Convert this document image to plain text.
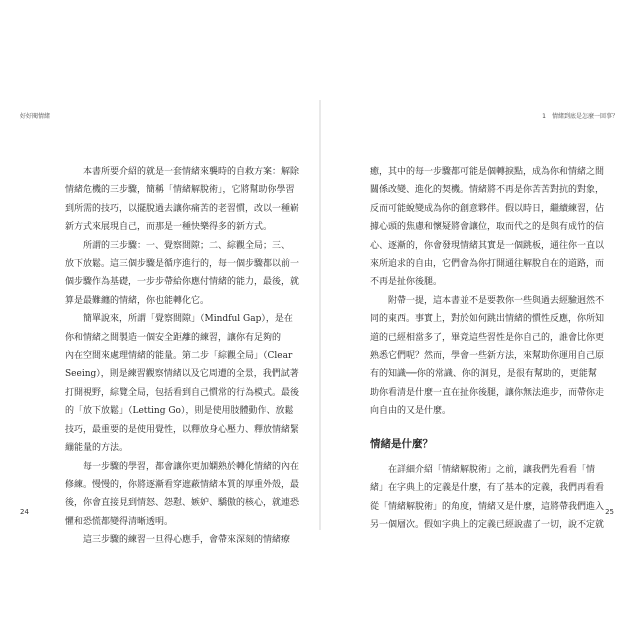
好好閱情緒	1　情緒到底是怎麼一回事？

本書所要介紹的就是一套情緒來襲時的自救方案：解除

情緒危機的三步驟，簡稱「情緒解脫術」，它將幫助你學習

到所需的技巧，以擺脫過去讓你痛苦的老習慣，改以一種嶄

新方式來展現自己，而那是一種快樂得多的新方式。

所謂的三步驟：一、覺察間隙；二、綜觀全局；三、

放下放鬆。這三個步驟是循序進行的，每一個步驟都以前一

個步驟作為基礎，一步步帶給你應付情緒的能力，最後，就

算是最難纏的情緒，你也能轉化它。

簡單說來，所謂「覺察間隙」（Mindful Gap），是在

你和情緒之間製造一個安全距離的練習，讓你有足夠的

內在空間來處理情緒的能量。第二步「綜觀全局」（Clear

Seeing），則是練習觀察情緒以及它周遭的全景，我們試著

打開視野，綜覽全局，包括看到自己慣常的行為模式。最後

的「放下放鬆」（Letting Go），則是使用肢體動作、放鬆

技巧，最重要的是使用覺性，以釋放身心壓力、釋放情緒緊

繃能量的方法。

每一步驟的學習，都會讓你更加嫻熟於轉化情緒的內在

修練。慢慢的，你將逐漸看穿遮蔽情緒本質的厚重外殼，最

後，你會直接見到情怒、怨懟、嫉妒、驕傲的核心，就連恐

懼和恐慌都變得清晰透明。

這三步驟的練習一旦得心應手，會帶來深刻的情緒療

癒，其中的每一步驟都可能是個轉捩點，成為你和情緒之間

關係改變、進化的契機。情緒將不再是你苦苦對抗的對象，

反而可能蛻變成為你的創意夥伴。假以時日，繼續練習，佔

據心頭的焦慮和懷疑將會讓位，取而代之的是與有成竹的信

心、逐漸的，你會發現情緒其實是一個跳板，通往你一直以

來所追求的自由，它們會為你打開通往解脫自在的道路，而

不再是扯你後腿。

附帶一提，這本書並不是要教你一些與過去經驗迥然不

同的東西。事實上，對於如何跳出情緒的慣性反應，你所知

道的已經相當多了，畢竟這些習性是你自己的，誰會比你更

熟悉它們呢？然而，學會一些新方法，來幫助你運用自己原

有的知識──你的常識、你的洞見，是很有幫助的，更能幫

助你看清是什麼一直在扯你後腿，讓你無法進步，而帶你走

向自由的又是什麼。

情緒是什麼？

在詳細介紹「情緒解脫術」之前，讓我們先看看「情

緒」在字典上的定義是什麼，有了基本的定義，我們再看看

從「情緒解脫術」的角度，情緒又是什麼，這將帶我們進入

另一個層次。假如字典上的定義已經說盡了一切，說不定就

24	25
